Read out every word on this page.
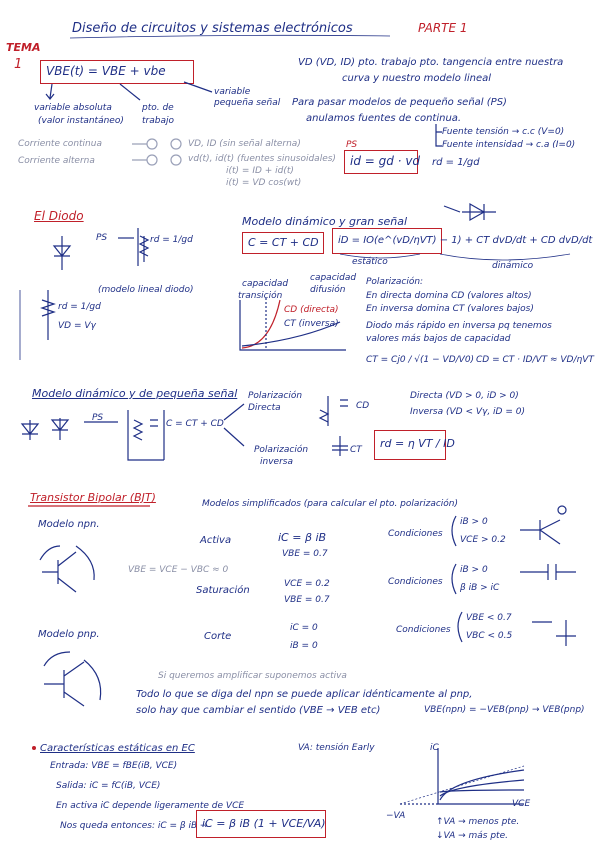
Diseño de circuitos y sistemas electrónicos	PARTE 1
TEMA
1 VBE(t) = VBE + vbe
variable absoluta
(valor instantáneo)
pto. de
trabajo
variable
pequeña señal
VD (VD, ID) pto. trabajo pto. tangencia entre nuestra
curva y nuestro modelo lineal
Para pasar modelos de pequeño señal (PS)
anulamos fuentes de continua.
Fuente tensión → c.c (V=0)
Fuente intensidad → c.a (I=0)
Corriente continua
Corriente alterna
VD, ID (sin señal alterna)
vd(t), id(t) (fuentes sinusoidales)
i(t) = ID + id(t)
i(t) = VD cos(wt)
PS
id = gd · vd rd = 1/gd
El Diodo
PS	rd = 1/gd
(modelo lineal diodo)
rd = 1/gd
VD = Vγ
Modelo dinámico y gran señal
C = CT + CD iD = IO(e^(vD/ηVT) − 1) + CT dvD/dt + CD dvD/dt
estático	dinámico
capacidad
transición
capacidad
difusión
CD (directa)
CT (inversa)
Polarización:
En directa domina CD (valores altos)
En inversa domina CT (valores bajos)
Diodo más rápido en inversa pq tenemos
valores más bajos de capacidad
CT = Cj0 / √(1 − VD/V0) CD = CT · ID/VT ≈ VD/ηVT
Modelo dinámico y de pequeña señal
PS
C = CT + CD
Polarización
Directa
Polarización
inversa
CD
CT
Directa (VD > 0, iD > 0)
Inversa (VD < Vγ, iD = 0)
rd = η VT / ID
Transistor Bipolar (BJT)	Modelos simplificados (para calcular el pto. polarización)
Modelo npn.
Modelo pnp.
VBE = VCE − VBC ≈ 0
Activa	iC = β iB
VBE = 0.7
Saturación
VCE = 0.2
VBE = 0.7
Corte
iC = 0
iB = 0
Condiciones
iB > 0
VCE > 0.2
Condiciones
iB > 0
β iB > iC
Condiciones
VBE < 0.7
VBC < 0.5
Si queremos amplificar suponemos activa
Todo lo que se diga del npn se puede aplicar idénticamente al pnp,
solo hay que cambiar el sentido (VBE → VEB etc)	VBE(npn) = −VEB(pnp) → VEB(pnp)
Características estáticas en EC	VA: tensión Early
Entrada: VBE = fBE(iB, VCE)
Salida: iC = fC(iB, VCE)
En activa iC depende ligeramente de VCE
Nos queda entonces: iC = β iB →
iC = β iB (1 + VCE/VA)
iC
VCE
−VA
↑VA → menos pte.
↓VA → más pte.
